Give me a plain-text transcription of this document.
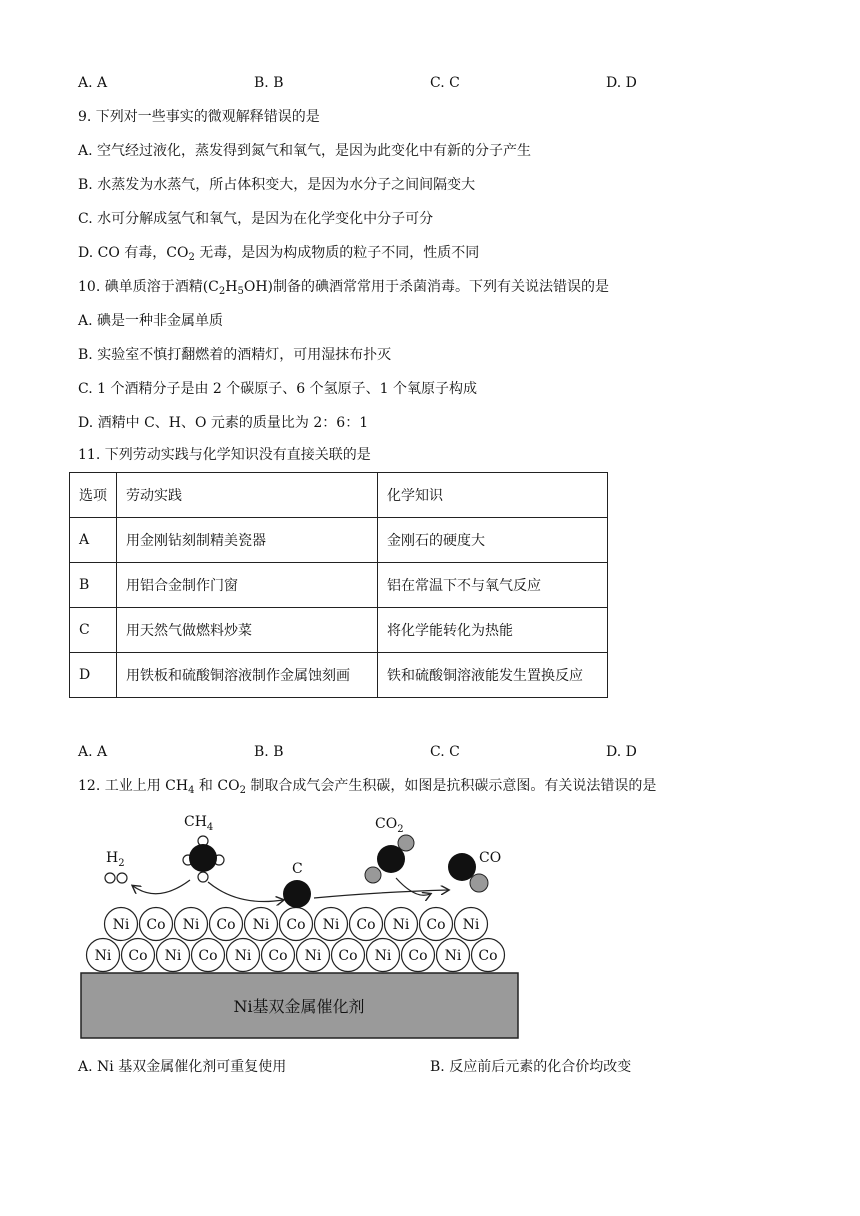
A. A	B. B	C. C	D. D
9. 下列对一些事实的微观解释错误的是
A. 空气经过液化，蒸发得到氮气和氧气，是因为此变化中有新的分子产生
B. 水蒸发为水蒸气，所占体积变大，是因为水分子之间间隔变大
C. 水可分解成氢气和氧气，是因为在化学变化中分子可分
D. CO 有毒，$CO_2$ 无毒，是因为构成物质的粒子不同，性质不同
10. 碘单质溶于酒精$(C_2H_5OH)$制备的碘酒常常用于杀菌消毒。下列有关说法错误的是
A. 碘是一种非金属单质
B. 实验室不慎打翻燃着的酒精灯，可用湿抹布扑灭
C. 1 个酒精分子是由 2 个碳原子、6 个氢原子、1 个氧原子构成
D. 酒精中 C、H、O 元素的质量比为 2：6：1
11. 下列劳动实践与化学知识没有直接关联的是
选项	劳动实践	化学知识
A	用金刚钻刻制精美瓷器	金刚石的硬度大
B	用铝合金制作门窗	铝在常温下不与氧气反应
C	用天然气做燃料炒菜	将化学能转化为热能
D	用铁板和硫酸铜溶液制作金属蚀刻画	铁和硫酸铜溶液能发生置换反应
A. A	B. B	C. C	D. D
12. 工业上用 $CH_4$ 和 $CO_2$ 制取合成气会产生积碳，如图是抗积碳示意图。有关说法错误的是
Ni基双金属催化剂
Ni Co Ni Co Ni Co Ni Co Ni Co Ni Co
Ni Co Ni Co Ni Co Ni Co Ni Co Ni
$H_2$
$CH_4$
C
$CO_2$
CO
A. Ni 基双金属催化剂可重复使用	B. 反应前后元素的化合价均改变
